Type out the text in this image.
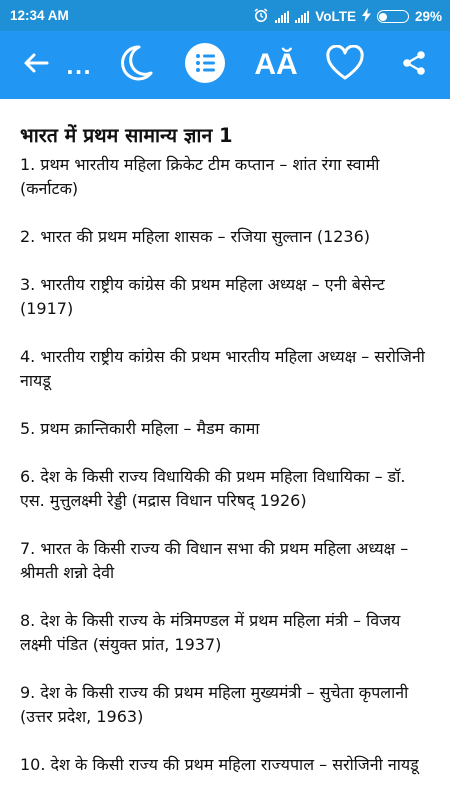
12:34 AM	VoLTE	29%
...	AĂ
भारत में प्रथम सामान्य ज्ञान 1

1. प्रथम भारतीय महिला क्रिकेट टीम कप्तान – शांत रंगा स्वामी (कर्नाटक)

2. भारत की प्रथम महिला शासक – रजिया सुल्तान (1236)

3. भारतीय राष्ट्रीय कांग्रेस की प्रथम महिला अध्यक्ष – एनी बेसेन्ट (1917)

4. भारतीय राष्ट्रीय कांग्रेस की प्रथम भारतीय महिला अध्यक्ष – सरोजिनी नायडू

5. प्रथम क्रान्तिकारी महिला – मैडम कामा

6. देश के किसी राज्य विधायिकी की प्रथम महिला विधायिका – डॉ. एस. मुत्तुलक्ष्मी रेड्डी (मद्रास विधान परिषद् 1926)

7. भारत के किसी राज्य की विधान सभा की प्रथम महिला अध्यक्ष – श्रीमती शन्नो देवी

8. देश के किसी राज्य के मंत्रिमण्डल में प्रथम महिला मंत्री – विजय लक्ष्मी पंडित (संयुक्त प्रांत, 1937)

9. देश के किसी राज्य की प्रथम महिला मुख्यमंत्री – सुचेता कृपलानी (उत्तर प्रदेश, 1963)

10. देश के किसी राज्य की प्रथम महिला राज्यपाल – सरोजिनी नायडू
